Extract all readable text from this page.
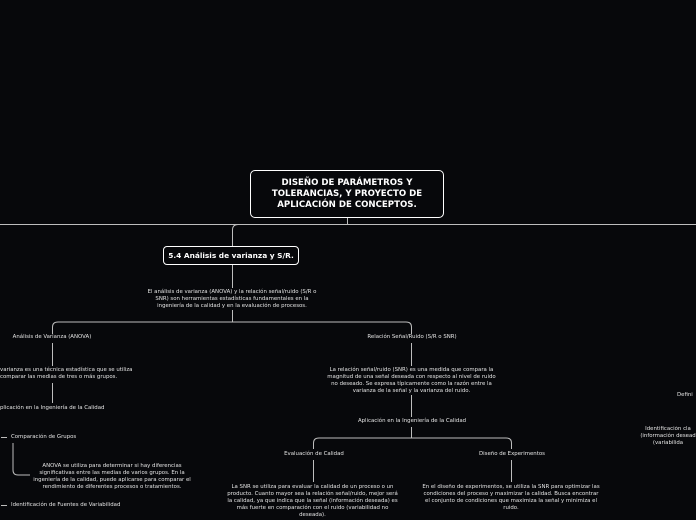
DISEÑO DE PARÁMETROS Y TOLERANCIAS, Y PROYECTO DE APLICACIÓN DE CONCEPTOS.
5.4 Análisis de varianza y S/R.
El análisis de varianza (ANOVA) y la relación señal/ruido (S/R o SNR) son herramientas estadísticas fundamentales en la ingeniería de la calidad y en la evaluación de procesos.
Análisis de Varianza (ANOVA)
varianza es una técnica estadística que se utiliza comparar las medias de tres o más grupos.
plicación en la Ingeniería de la Calidad
Comparación de Grupos
ANOVA se utiliza para determinar si hay diferencias significativas entre las medias de varios grupos. En la ingeniería de la calidad, puede aplicarse para comparar el rendimiento de diferentes procesos o tratamientos.
Identificación de Fuentes de Variabilidad
Relación Señal/Ruido (S/R o SNR)
La relación señal/ruido (SNR) es una medida que compara la magnitud de una señal deseada con respecto al nivel de ruido no deseado. Se expresa típicamente como la razón entre la varianza de la señal y la varianza del ruido.
Aplicación en la Ingeniería de la Calidad
Evaluación de Calidad
La SNR se utiliza para evaluar la calidad de un proceso o un producto. Cuanto mayor sea la relación señal/ruido, mejor será la calidad, ya que indica que la señal (información deseada) es más fuerte en comparación con el ruido (variabilidad no deseada).
Diseño de Experimentos
En el diseño de experimentos, se utiliza la SNR para optimizar las condiciones del proceso y maximizar la calidad. Busca encontrar el conjunto de condiciones que maximiza la señal y minimiza el ruido.
Defini
Identificación cla (información desead (variabilida
